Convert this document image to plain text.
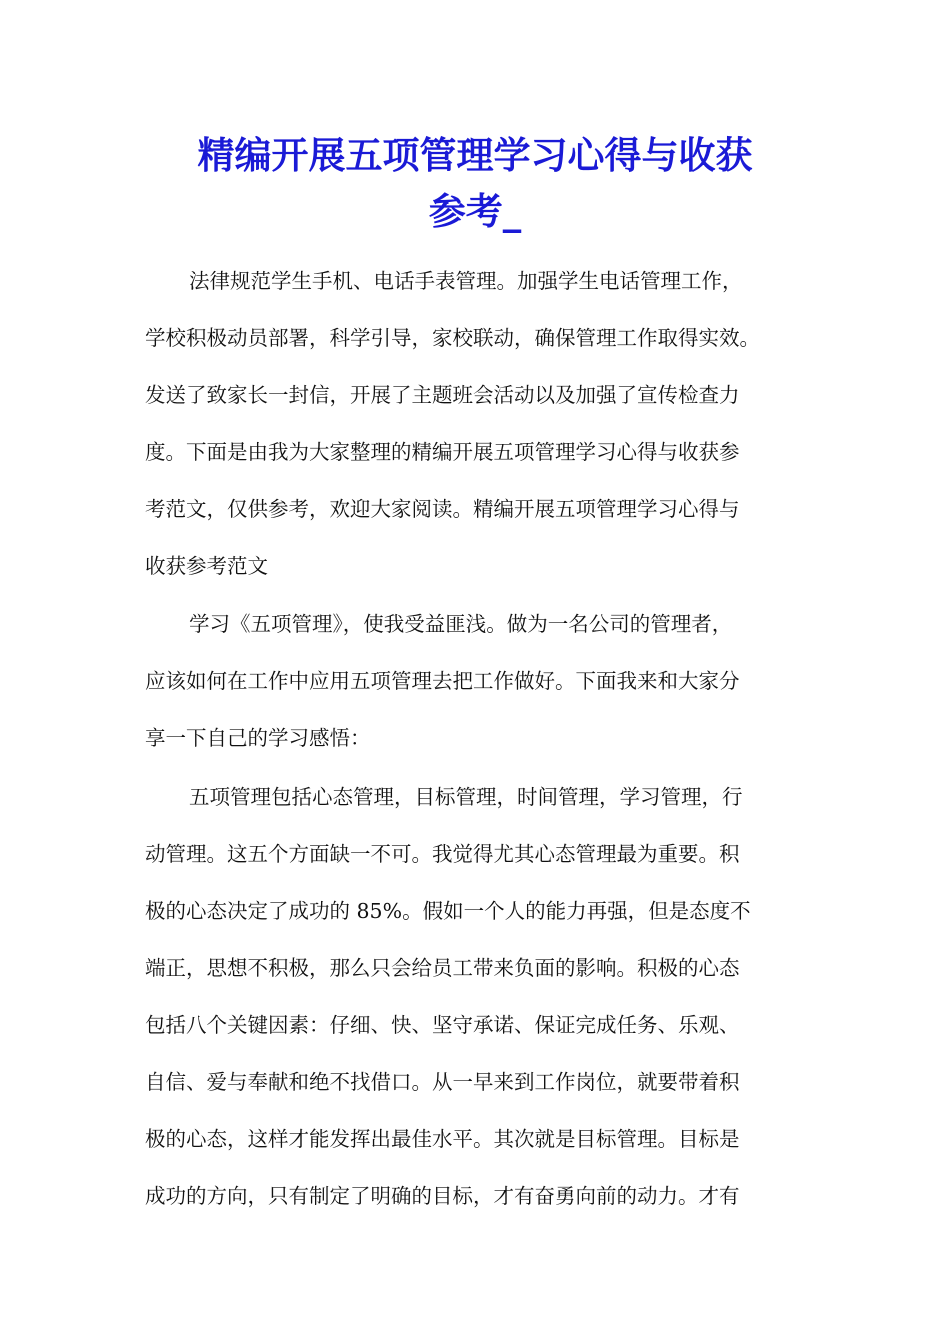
精编开展五项管理学习心得与收获
参考_

法律规范学生手机、电话手表管理。加强学生电话管理工作，

学校积极动员部署，科学引导，家校联动，确保管理工作取得实效。

发送了致家长一封信，开展了主题班会活动以及加强了宣传检查力

度。下面是由我为大家整理的精编开展五项管理学习心得与收获参

考范文，仅供参考，欢迎大家阅读。精编开展五项管理学习心得与

收获参考范文

学习《五项管理》，使我受益匪浅。做为一名公司的管理者，

应该如何在工作中应用五项管理去把工作做好。下面我来和大家分

享一下自己的学习感悟：

五项管理包括心态管理，目标管理，时间管理，学习管理，行

动管理。这五个方面缺一不可。我觉得尤其心态管理最为重要。积

极的心态决定了成功的 85%。假如一个人的能力再强，但是态度不

端正，思想不积极，那么只会给员工带来负面的影响。积极的心态

包括八个关键因素：仔细、快、坚守承诺、保证完成任务、乐观、

自信、爱与奉献和绝不找借口。从一早来到工作岗位，就要带着积

极的心态，这样才能发挥出最佳水平。其次就是目标管理。目标是

成功的方向，只有制定了明确的目标，才有奋勇向前的动力。才有
